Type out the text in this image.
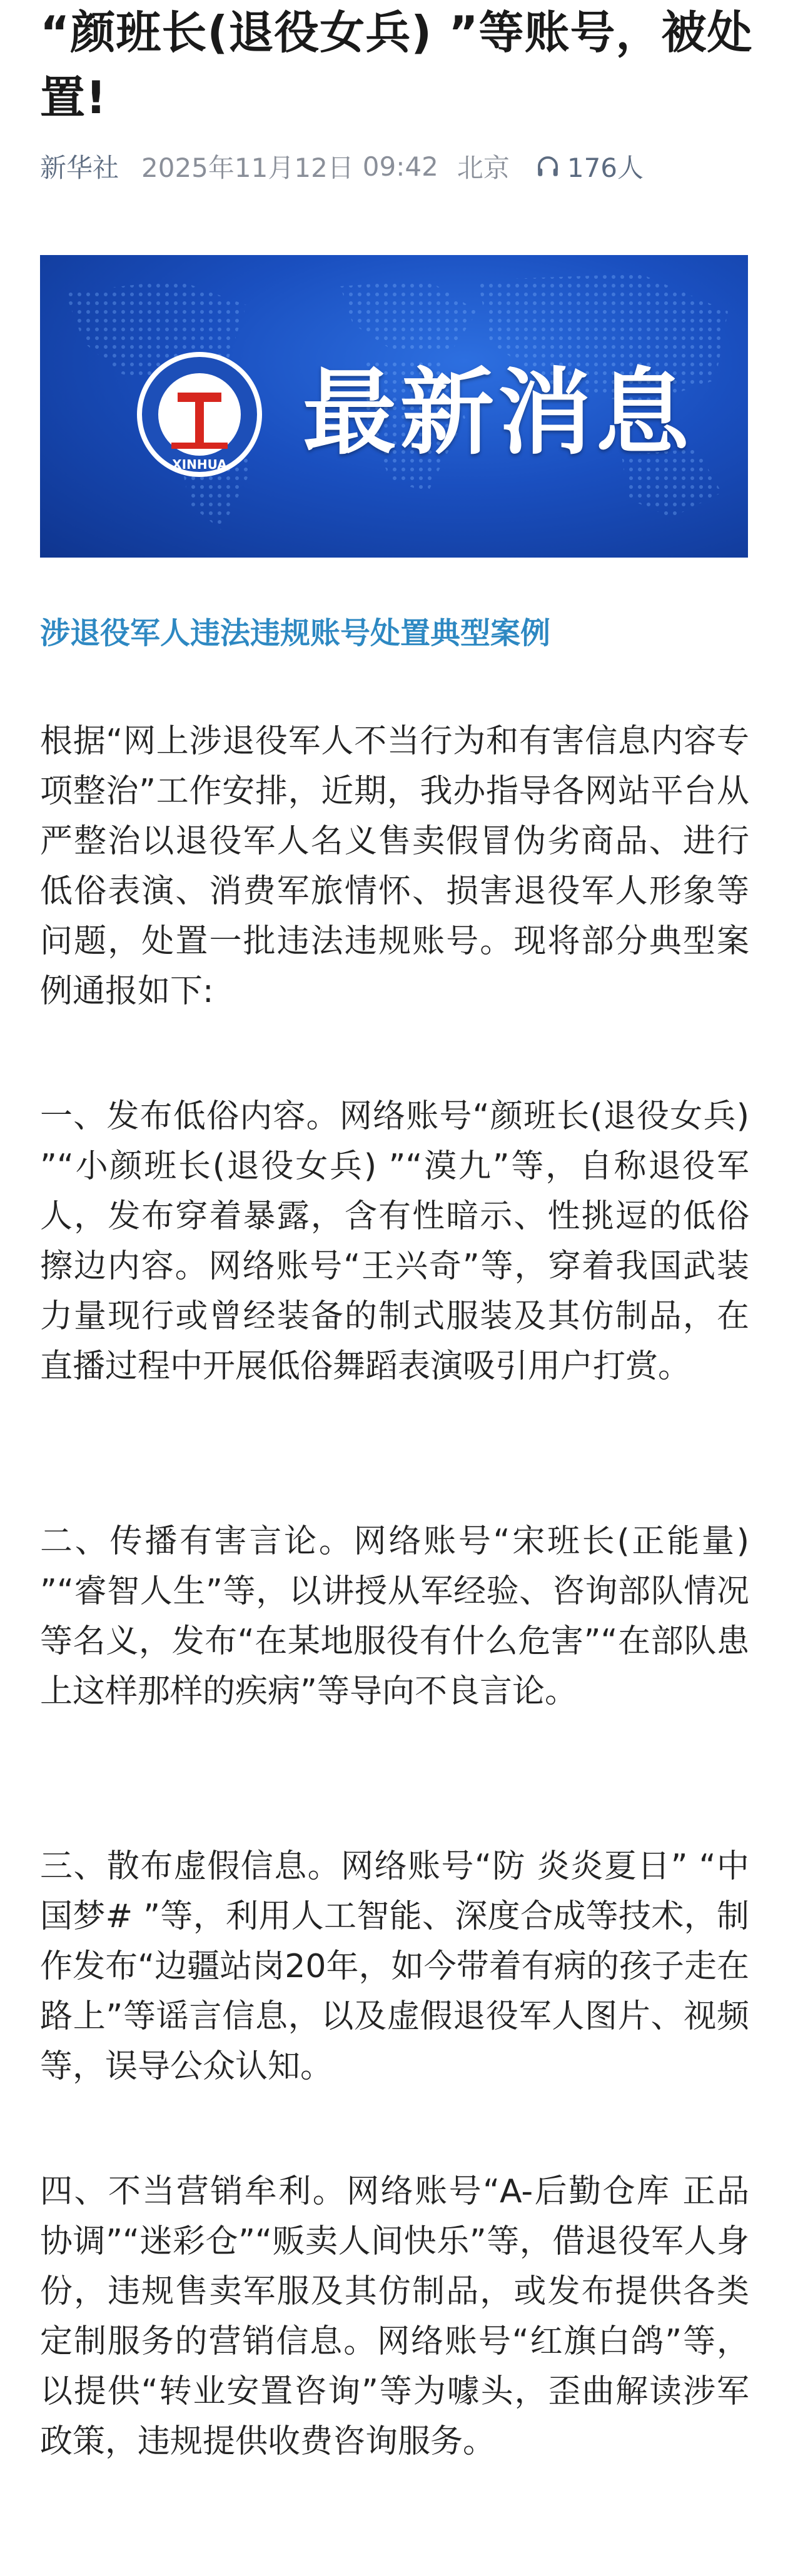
“颜班长(退役女兵) ”等账号，被处置!
新华社 2025年11月12日 09:42 北京 176人
XINHUA 最新消息
涉退役军人违法违规账号处置典型案例

根据“网上涉退役军人不当行为和有害信息内容专项整治”工作安排，近期，我办指导各网站平台从严整治以退役军人名义售卖假冒伪劣商品、进行低俗表演、消费军旅情怀、损害退役军人形象等问题，处置一批违法违规账号。现将部分典型案例通报如下:

一、发布低俗内容。网络账号“颜班长(退役女兵) ”“小颜班长(退役女兵) ”“漠九”等，自称退役军人，发布穿着暴露，含有性暗示、性挑逗的低俗擦边内容。网络账号“王兴奇”等，穿着我国武装力量现行或曾经装备的制式服装及其仿制品，在直播过程中开展低俗舞蹈表演吸引用户打赏。

二、传播有害言论。网络账号“宋班长(正能量) ”“睿智人生”等，以讲授从军经验、咨询部队情况等名义，发布“在某地服役有什么危害”“在部队患上这样那样的疾病”等导向不良言论。

三、散布虚假信息。网络账号“防 炎炎夏日” “中国梦# ”等，利用人工智能、深度合成等技术，制作发布“边疆站岗20年，如今带着有病的孩子走在路上”等谣言信息，以及虚假退役军人图片、视频等，误导公众认知。

四、不当营销牟利。网络账号“A-后勤仓库 正品协调”“迷彩仓”“贩卖人间快乐”等，借退役军人身份，违规售卖军服及其仿制品，或发布提供各类定制服务的营销信息。网络账号“红旗白鸽”等，以提供“转业安置咨询”等为噱头，歪曲解读涉军政策，违规提供收费咨询服务。
